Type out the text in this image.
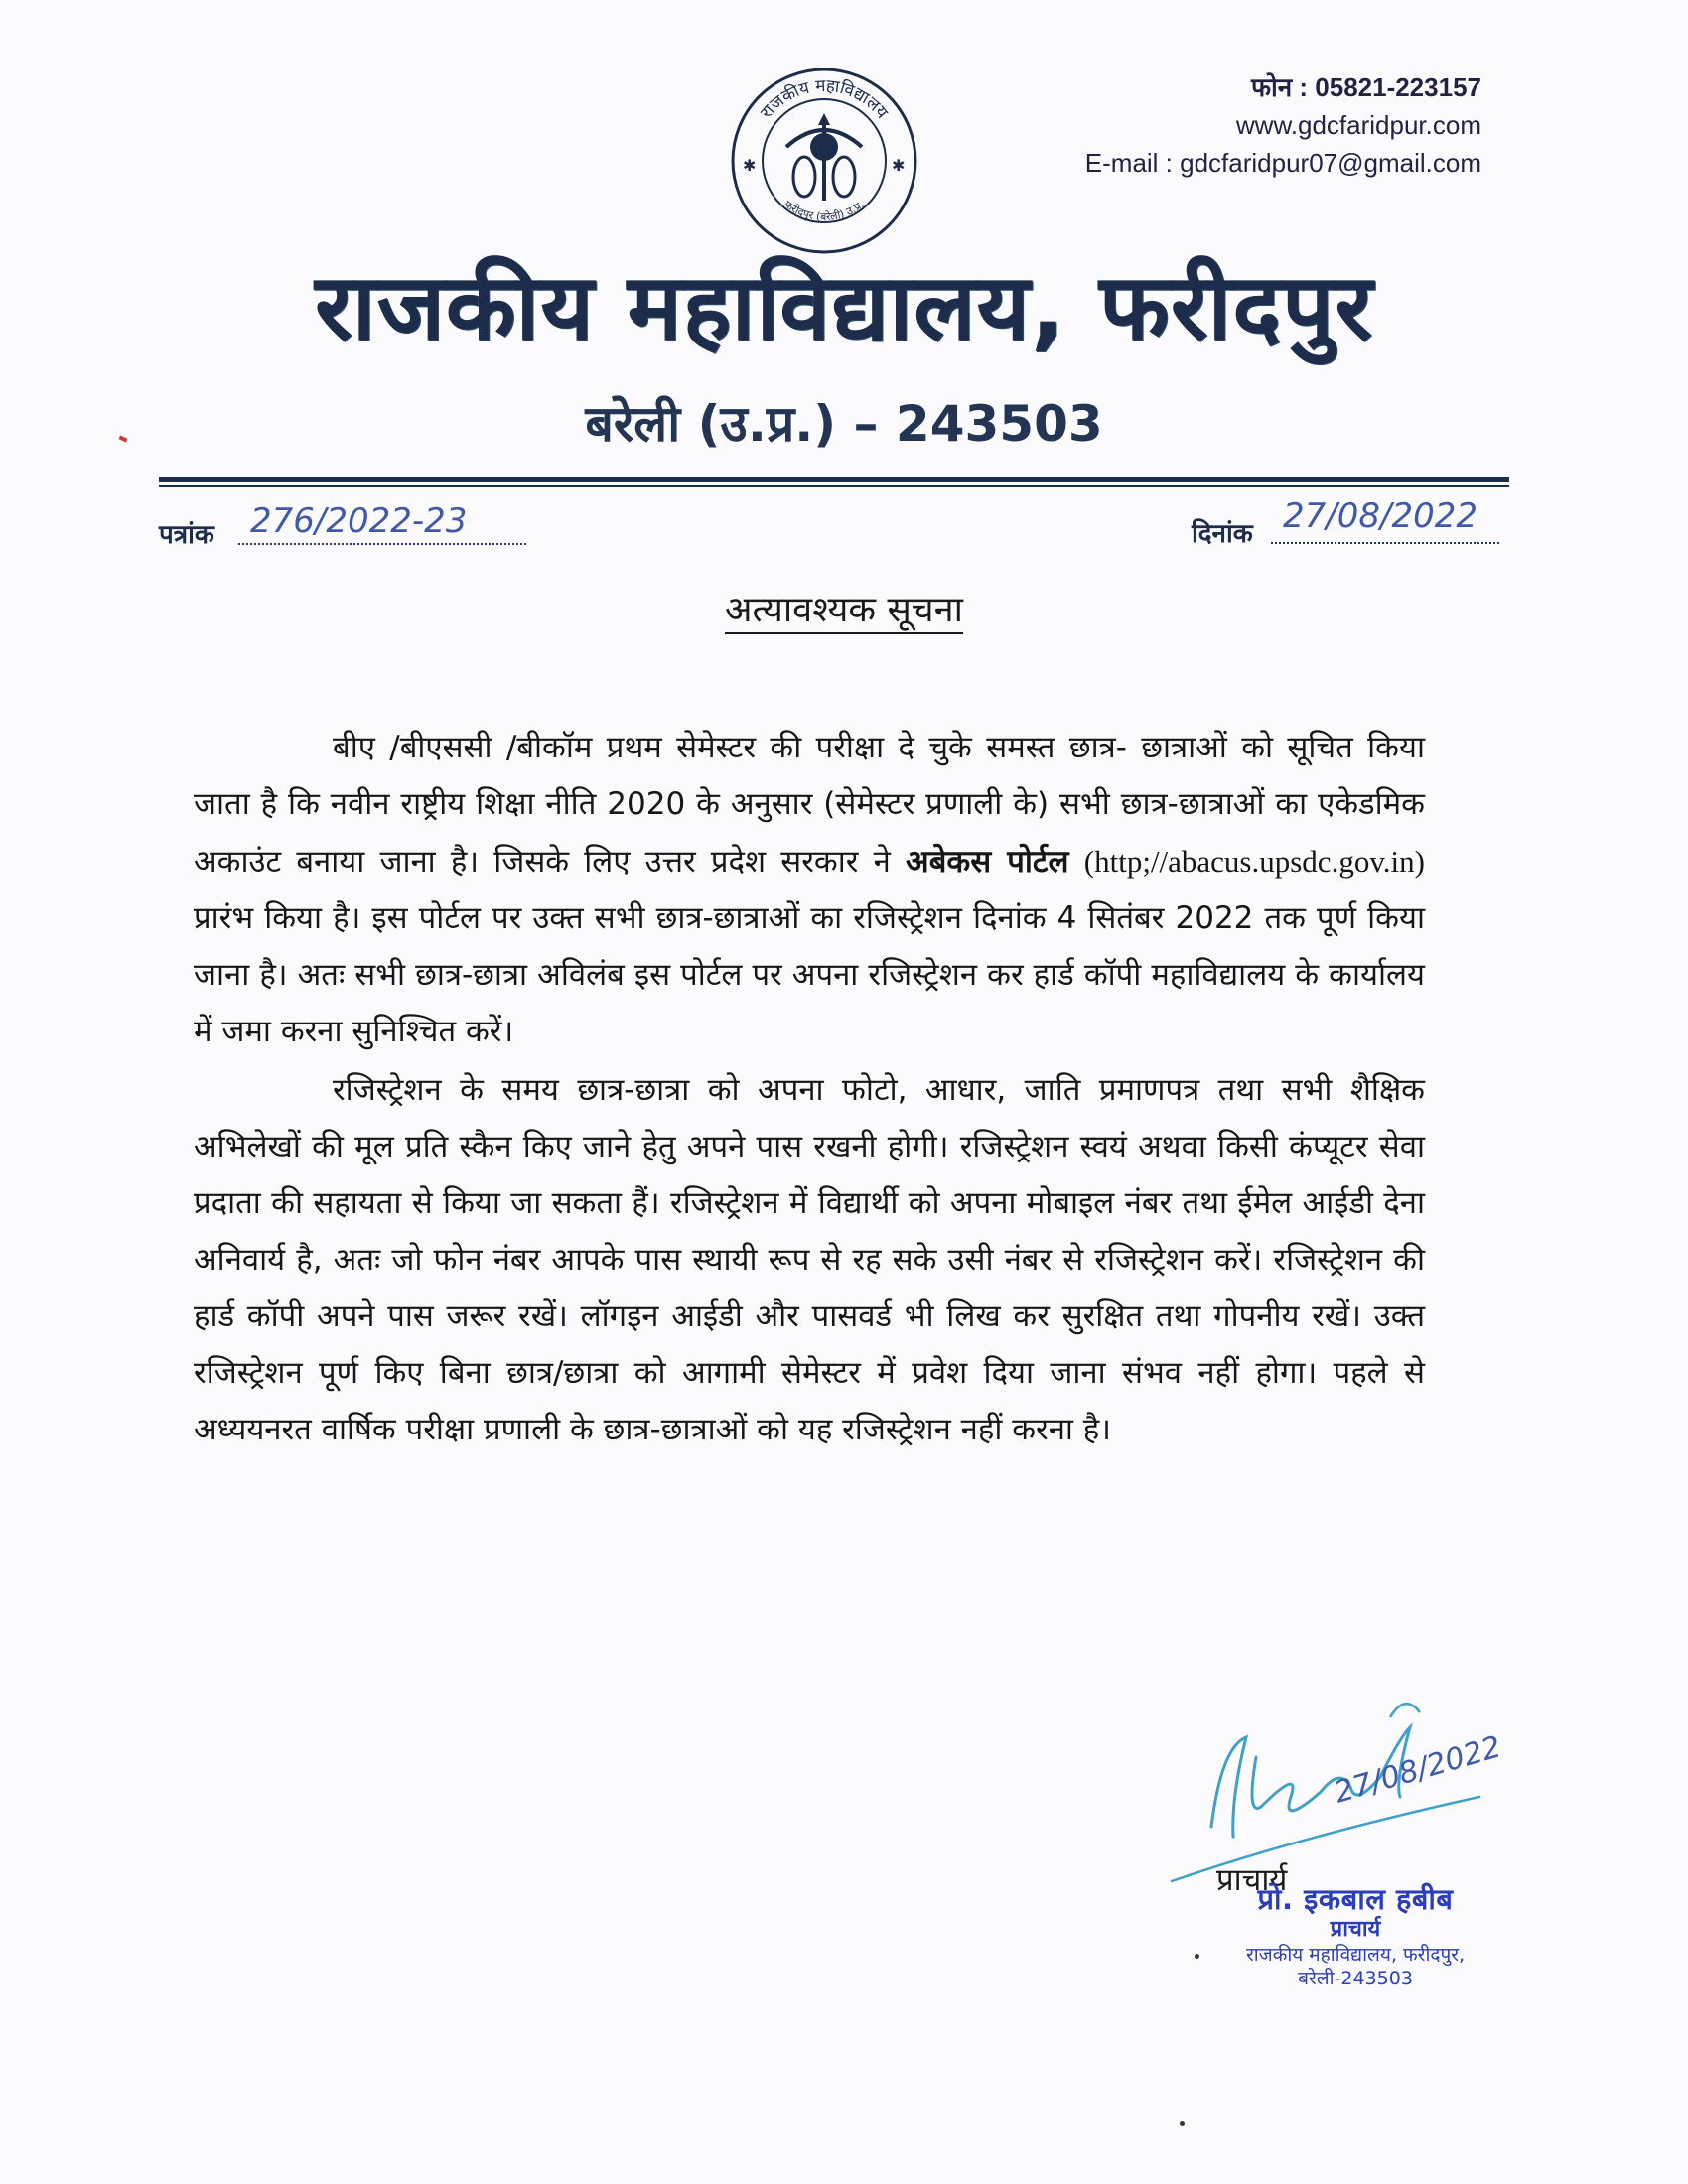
राजकीय महाविद्यालय
फरीदपुर (बरेली) उ.प्र.
✱	✱
फोन : 05821-223157
www.gdcfaridpur.com
E-mail : gdcfaridpur07@gmail.com
राजकीय महाविद्यालय, फरीदपुर
बरेली (उ.प्र.) – 243503
पत्रांक 276/2022-23	दिनांक 27/08/2022
अत्यावश्यक सूचना

बीए /बीएससी /बीकॉम प्रथम सेमेस्टर की परीक्षा दे चुके समस्त छात्र- छात्राओं को सूचित किया जाता है कि नवीन राष्ट्रीय शिक्षा नीति 2020 के अनुसार (सेमेस्टर प्रणाली के) सभी छात्र-छात्राओं का एकेडमिक अकाउंट बनाया जाना है। जिसके लिए उत्तर प्रदेश सरकार ने अबेकस पोर्टल (http;//abacus.upsdc.gov.in) प्रारंभ किया है। इस पोर्टल पर उक्त सभी छात्र-छात्राओं का रजिस्ट्रेशन दिनांक 4 सितंबर 2022 तक पूर्ण किया जाना है। अतः सभी छात्र-छात्रा अविलंब इस पोर्टल पर अपना रजिस्ट्रेशन कर हार्ड कॉपी महाविद्यालय के कार्यालय में जमा करना सुनिश्चित करें।

रजिस्ट्रेशन के समय छात्र-छात्रा को अपना फोटो, आधार, जाति प्रमाणपत्र तथा सभी शैक्षिक अभिलेखों की मूल प्रति स्कैन किए जाने हेतु अपने पास रखनी होगी। रजिस्ट्रेशन स्वयं अथवा किसी कंप्यूटर सेवा प्रदाता की सहायता से किया जा सकता हैं। रजिस्ट्रेशन में विद्यार्थी को अपना मोबाइल नंबर तथा ईमेल आईडी देना अनिवार्य है, अतः जो फोन नंबर आपके पास स्थायी रूप से रह सके उसी नंबर से रजिस्ट्रेशन करें। रजिस्ट्रेशन की हार्ड कॉपी अपने पास जरूर रखें। लॉगइन आईडी और पासवर्ड भी लिख कर सुरक्षित तथा गोपनीय रखें। उक्त रजिस्ट्रेशन पूर्ण किए बिना छात्र/छात्रा को आगामी सेमेस्टर में प्रवेश दिया जाना संभव नहीं होगा। पहले से अध्ययनरत वार्षिक परीक्षा प्रणाली के छात्र-छात्राओं को यह रजिस्ट्रेशन नहीं करना है।

27/08/2022
प्राचार्य
प्रो. इकबाल हबीब
प्राचार्य
राजकीय महाविद्यालय, फरीदपुर,
बरेली-243503
